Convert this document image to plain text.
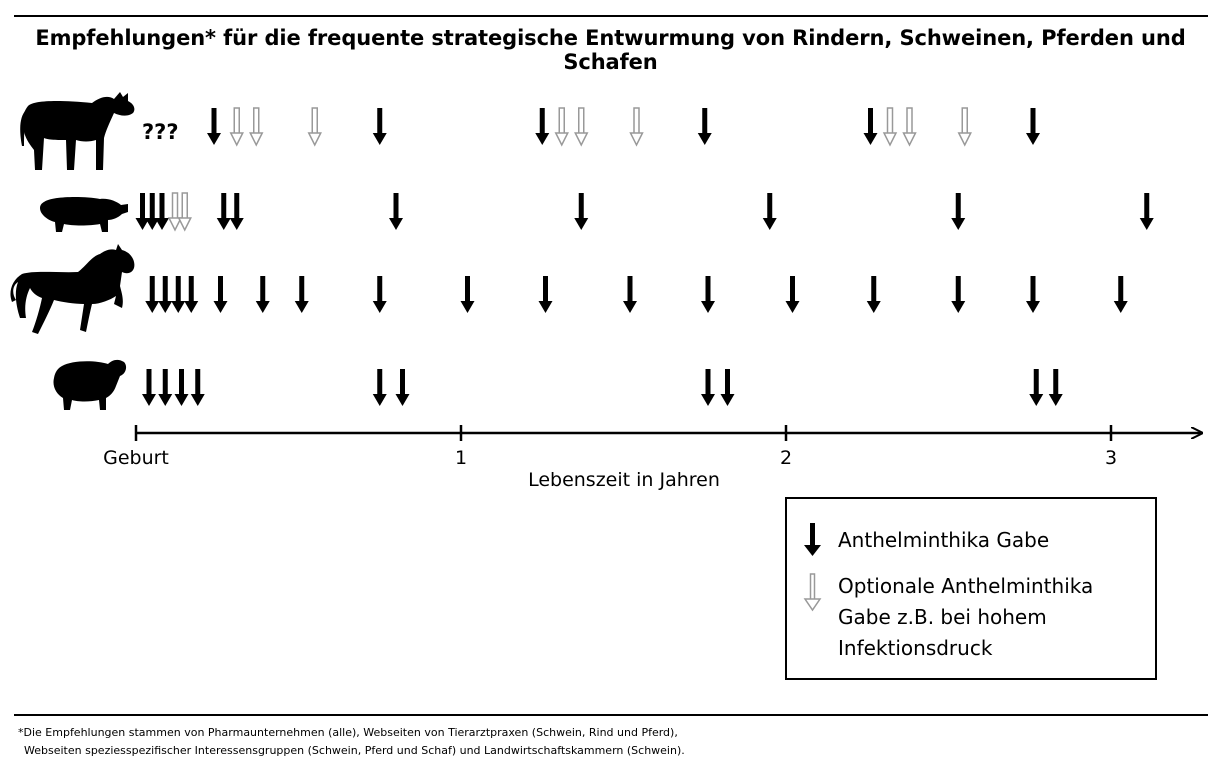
Empfehlungen* für die frequente strategische Entwurmung von Rindern, Schweinen, Pferden und Schafen
???
Geburt	1	2	3
Lebenszeit in Jahren
Anthelminthika Gabe
Optionale Anthelminthika
Gabe z.B. bei hohem
Infektionsdruck
*Die Empfehlungen stammen von Pharmaunternehmen (alle), Webseiten von Tierarztpraxen (Schwein, Rind und Pferd),
Webseiten speziesspezifischer Interessensgruppen (Schwein, Pferd und Schaf) und Landwirtschaftskammern (Schwein).
